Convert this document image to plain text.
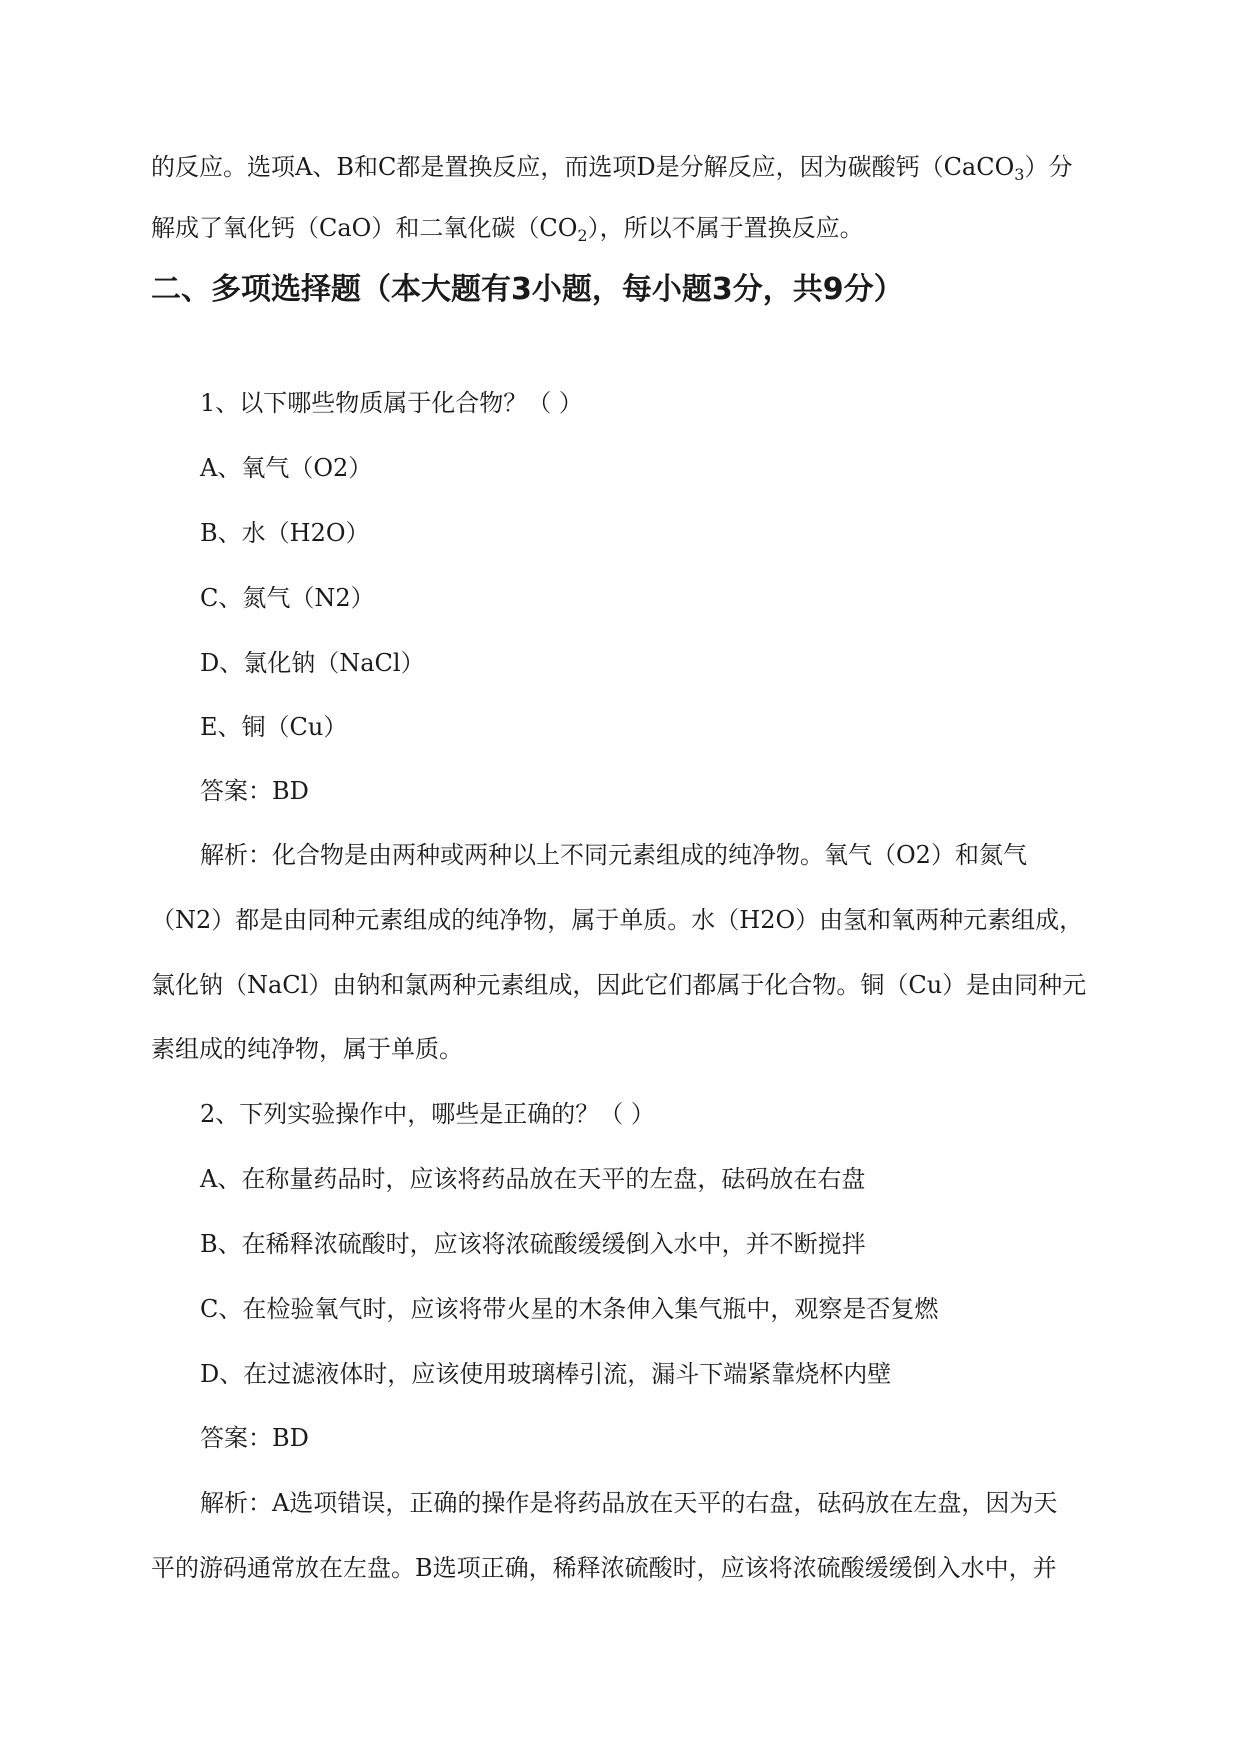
的反应。选项A、B和C都是置换反应，而选项D是分解反应，因为碳酸钙（CaCO$_3$）分
解成了氧化钙（CaO）和二氧化碳$(CO_2)$，所以不属于置换反应。
二、多项选择题（本大题有3小题，每小题3分，共9分）
1、以下哪些物质属于化合物？（ ）
A、氧气（O2）
B、水（H2O）
C、氮气（N2）
D、氯化钠（NaCl）
E、铜（Cu）
答案：BD
解析：化合物是由两种或两种以上不同元素组成的纯净物。氧气（O2）和氮气
（N2）都是由同种元素组成的纯净物，属于单质。水（H2O）由氢和氧两种元素组成，
氯化钠（NaCl）由钠和氯两种元素组成，因此它们都属于化合物。铜（Cu）是由同种元
素组成的纯净物，属于单质。
2、下列实验操作中，哪些是正确的？（ ）
A、在称量药品时，应该将药品放在天平的左盘，砝码放在右盘
B、在稀释浓硫酸时，应该将浓硫酸缓缓倒入水中，并不断搅拌
C、在检验氧气时，应该将带火星的木条伸入集气瓶中，观察是否复燃
D、在过滤液体时，应该使用玻璃棒引流，漏斗下端紧靠烧杯内壁
答案：BD
解析：A选项错误，正确的操作是将药品放在天平的右盘，砝码放在左盘，因为天
平的游码通常放在左盘。B选项正确，稀释浓硫酸时，应该将浓硫酸缓缓倒入水中，并
